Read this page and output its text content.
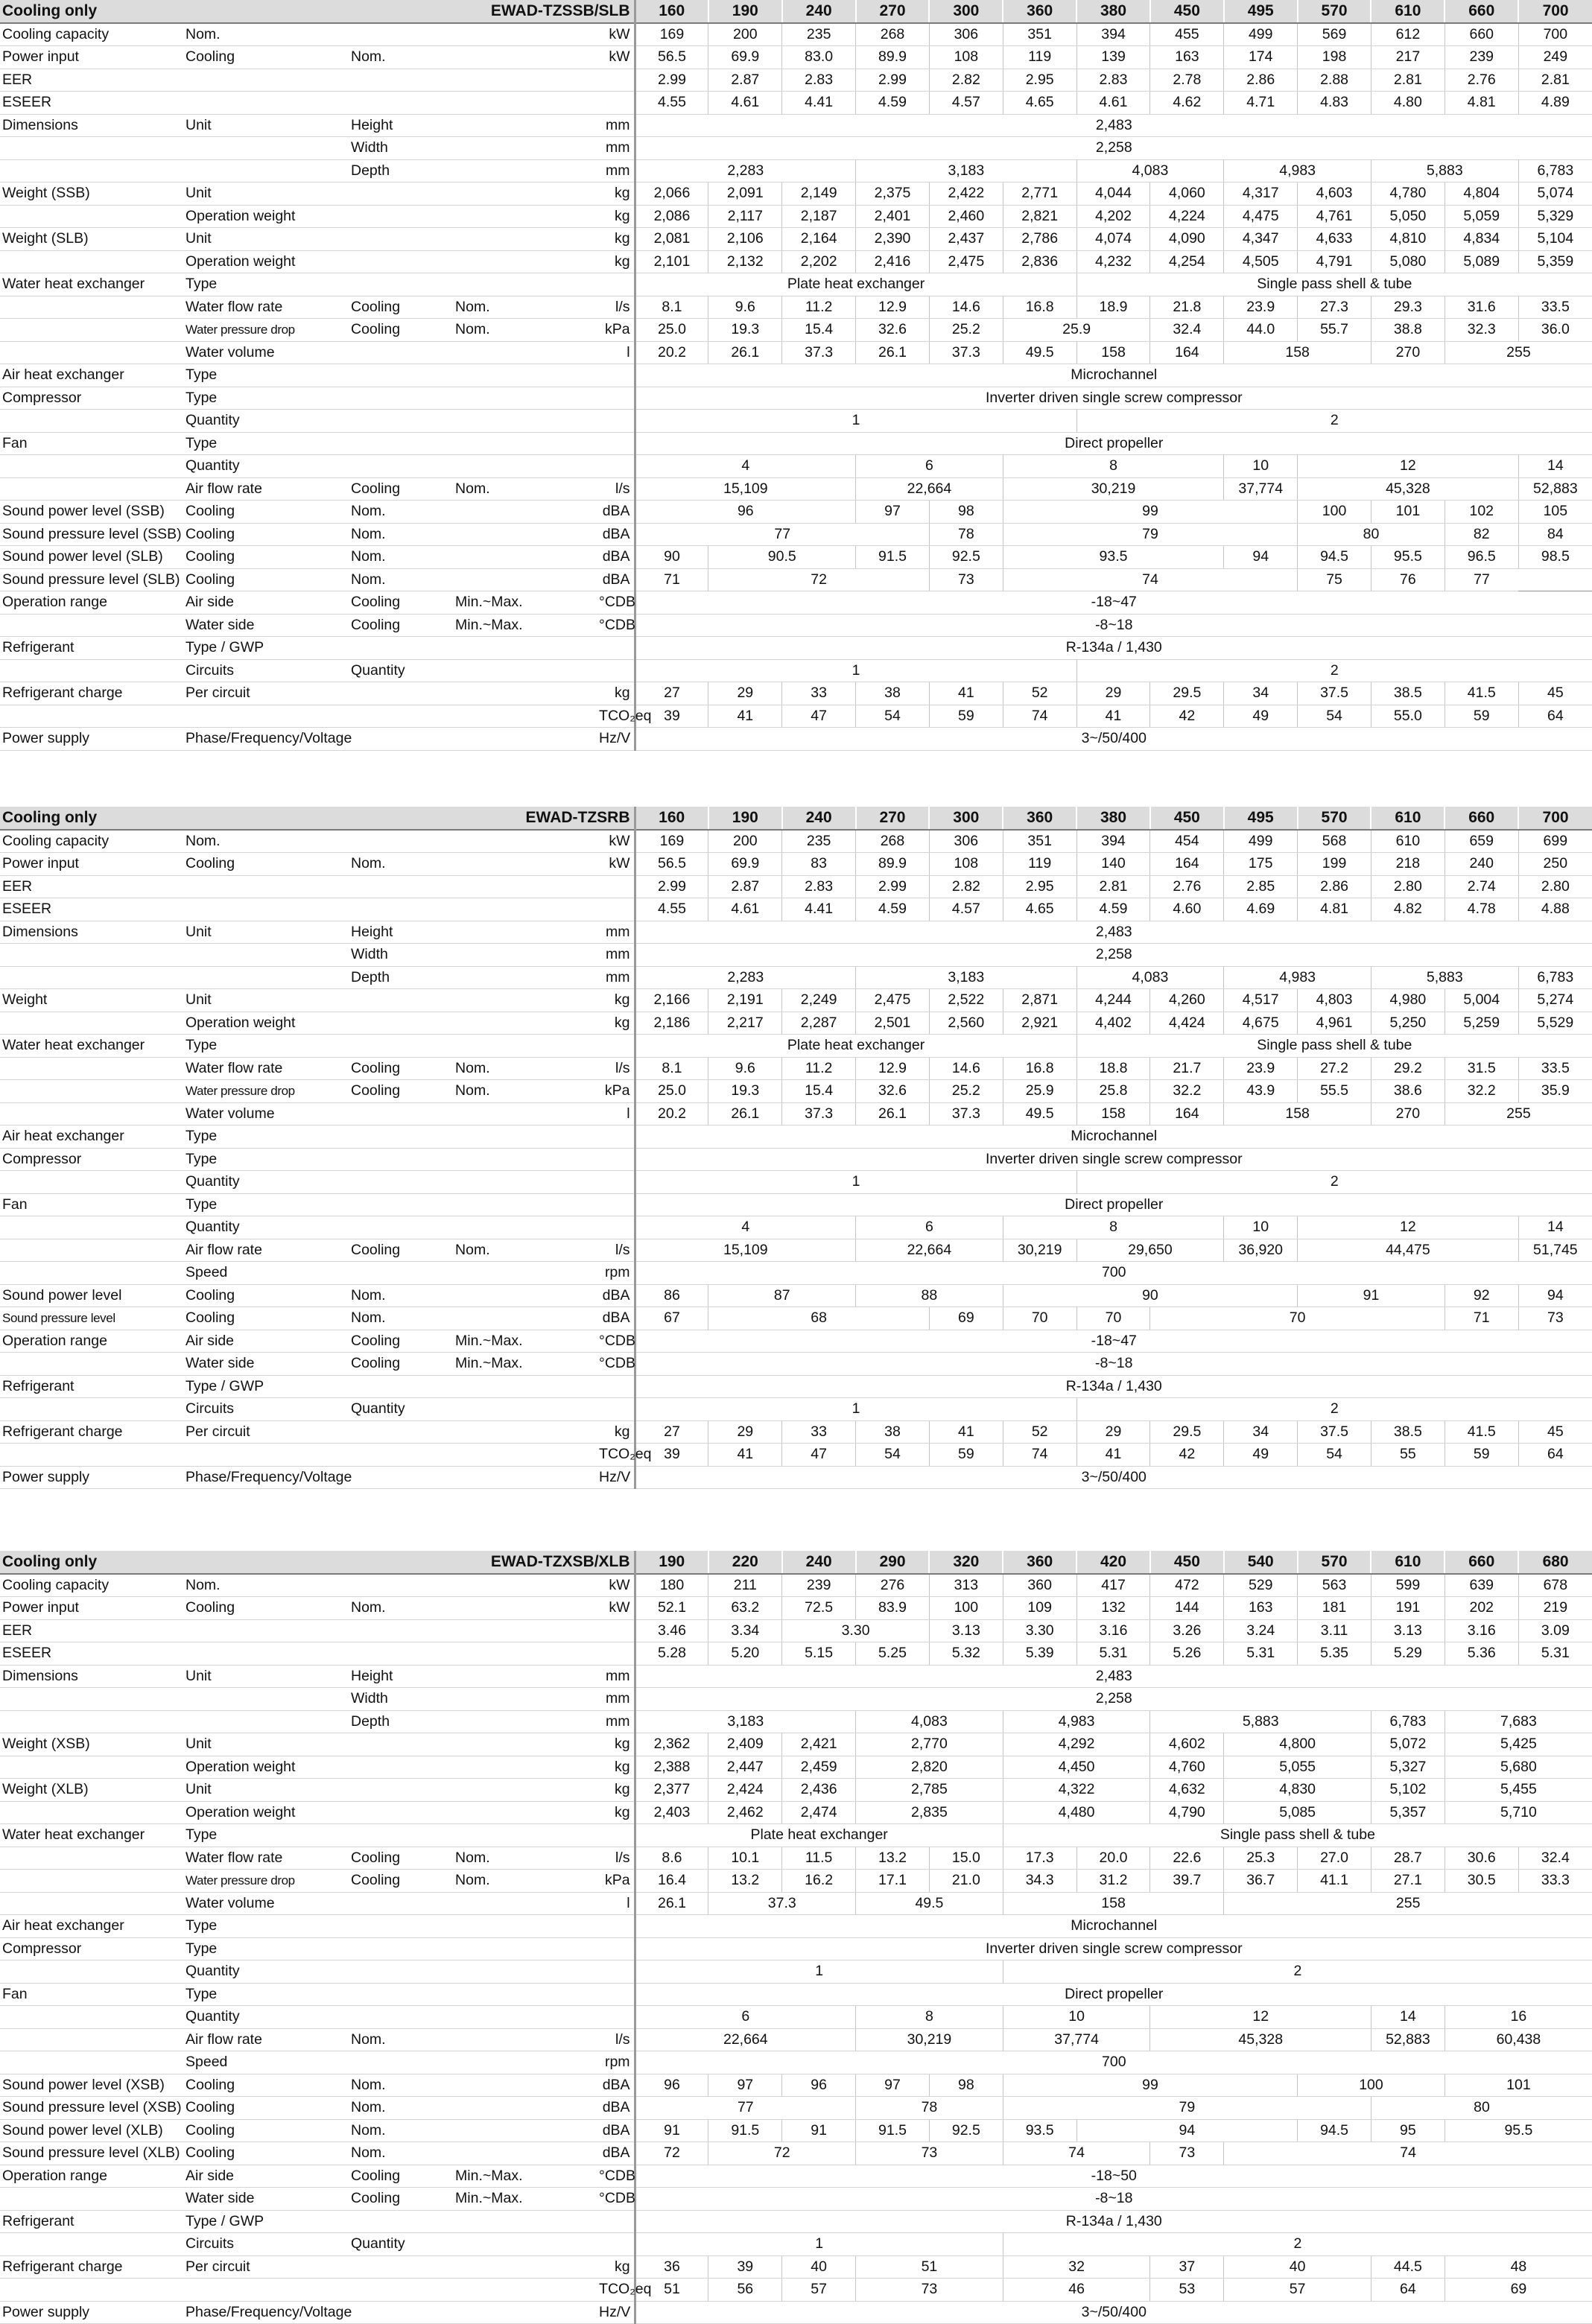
Cooling only			EWAD-TZSSB/SLB		160	190	240	270	300	360	380	450	495	570	610	660	700
Cooling capacity	Nom.			kW	169	200	235	268	306	351	394	455	499	569	612	660	700
Power input	Cooling	Nom.		kW	56.5	69.9	83.0	89.9	108	119	139	163	174	198	217	239	249
EER					2.99	2.87	2.83	2.99	2.82	2.95	2.83	2.78	2.86	2.88	2.81	2.76	2.81
ESEER					4.55	4.61	4.41	4.59	4.57	4.65	4.61	4.62	4.71	4.83	4.80	4.81	4.89
Dimensions	Unit	Height		mm	2,483												
		Width		mm	2,258												
		Depth		mm	2,283			3,183			4,083		4,983		5,883		6,783
Weight (SSB)	Unit			kg	2,066	2,091	2,149	2,375	2,422	2,771	4,044	4,060	4,317	4,603	4,780	4,804	5,074
	Operation weight			kg	2,086	2,117	2,187	2,401	2,460	2,821	4,202	4,224	4,475	4,761	5,050	5,059	5,329
Weight (SLB)	Unit			kg	2,081	2,106	2,164	2,390	2,437	2,786	4,074	4,090	4,347	4,633	4,810	4,834	5,104
	Operation weight			kg	2,101	2,132	2,202	2,416	2,475	2,836	4,232	4,254	4,505	4,791	5,080	5,089	5,359
Water heat exchanger	Type				Plate heat exchanger						Single pass shell & tube						
	Water flow rate	Cooling	Nom.	l/s	8.1	9.6	11.2	12.9	14.6	16.8	18.9	21.8	23.9	27.3	29.3	31.6	33.5
	Water pressure drop	Cooling	Nom.	kPa	25.0	19.3	15.4	32.6	25.2	25.9		32.4	44.0	55.7	38.8	32.3	36.0
	Water volume			l	20.2	26.1	37.3	26.1	37.3	49.5	158	164	158		270	255	
Air heat exchanger	Type				Microchannel												
Compressor	Type				Inverter driven single screw compressor												
	Quantity				1						2						
Fan	Type				Direct propeller												
	Quantity				4			6		8			10	12			14
	Air flow rate	Cooling	Nom.	l/s	15,109			22,664		30,219			37,774	45,328			52,883
Sound power level (SSB)	Cooling	Nom.		dBA	96			97	98	99				100	101	102	105
Sound pressure level (SSB)	Cooling	Nom.		dBA	77				78	79				80		82	84
Sound power level (SLB)	Cooling	Nom.		dBA	90	90.5		91.5	92.5	93.5			94	94.5	95.5	96.5	98.5
Sound pressure level (SLB)	Cooling	Nom.		dBA	71	72			73	74				75	76	77	
Operation range	Air side	Cooling	Min.~Max.	°CDB	-18~47												
	Water side	Cooling	Min.~Max.	°CDB	-8~18												
Refrigerant	Type / GWP				R-134a / 1,430												
	Circuits	Quantity			1						2						
Refrigerant charge	Per circuit			kg	27	29	33	38	41	52	29	29.5	34	37.5	38.5	41.5	45
				TCO₂eq	39	41	47	54	59	74	41	42	49	54	55.0	59	64
Power supply	Phase/Frequency/Voltage			Hz/V	3~/50/400												
Cooling only			EWAD-TZSRB		160	190	240	270	300	360	380	450	495	570	610	660	700
Cooling capacity	Nom.			kW	169	200	235	268	306	351	394	454	499	568	610	659	699
Power input	Cooling	Nom.		kW	56.5	69.9	83	89.9	108	119	140	164	175	199	218	240	250
EER					2.99	2.87	2.83	2.99	2.82	2.95	2.81	2.76	2.85	2.86	2.80	2.74	2.80
ESEER					4.55	4.61	4.41	4.59	4.57	4.65	4.59	4.60	4.69	4.81	4.82	4.78	4.88
Dimensions	Unit	Height		mm	2,483												
		Width		mm	2,258												
		Depth		mm	2,283			3,183			4,083		4,983		5,883		6,783
Weight	Unit			kg	2,166	2,191	2,249	2,475	2,522	2,871	4,244	4,260	4,517	4,803	4,980	5,004	5,274
	Operation weight			kg	2,186	2,217	2,287	2,501	2,560	2,921	4,402	4,424	4,675	4,961	5,250	5,259	5,529
Water heat exchanger	Type				Plate heat exchanger						Single pass shell & tube						
	Water flow rate	Cooling	Nom.	l/s	8.1	9.6	11.2	12.9	14.6	16.8	18.8	21.7	23.9	27.2	29.2	31.5	33.5
	Water pressure drop	Cooling	Nom.	kPa	25.0	19.3	15.4	32.6	25.2	25.9	25.8	32.2	43.9	55.5	38.6	32.2	35.9
	Water volume			l	20.2	26.1	37.3	26.1	37.3	49.5	158	164	158		270	255	
Air heat exchanger	Type				Microchannel												
Compressor	Type				Inverter driven single screw compressor												
	Quantity				1						2						
Fan	Type				Direct propeller												
	Quantity				4			6		8			10	12			14
	Air flow rate	Cooling	Nom.	l/s	15,109			22,664		30,219	29,650		36,920	44,475			51,745
	Speed			rpm	700												
Sound power level	Cooling	Nom.		dBA	86	87		88		90				91		92	94
Sound pressure level	Cooling	Nom.		dBA	67	68			69	70	70	70				71	73
Operation range	Air side	Cooling	Min.~Max.	°CDB	-18~47												
	Water side	Cooling	Min.~Max.	°CDB	-8~18												
Refrigerant	Type / GWP				R-134a / 1,430												
	Circuits	Quantity			1						2						
Refrigerant charge	Per circuit			kg	27	29	33	38	41	52	29	29.5	34	37.5	38.5	41.5	45
				TCO₂eq	39	41	47	54	59	74	41	42	49	54	55	59	64
Power supply	Phase/Frequency/Voltage			Hz/V	3~/50/400												
Cooling only			EWAD-TZXSB/XLB		190	220	240	290	320	360	420	450	540	570	610	660	680
Cooling capacity	Nom.			kW	180	211	239	276	313	360	417	472	529	563	599	639	678
Power input	Cooling	Nom.		kW	52.1	63.2	72.5	83.9	100	109	132	144	163	181	191	202	219
EER					3.46	3.34	3.30		3.13	3.30	3.16	3.26	3.24	3.11	3.13	3.16	3.09
ESEER					5.28	5.20	5.15	5.25	5.32	5.39	5.31	5.26	5.31	5.35	5.29	5.36	5.31
Dimensions	Unit	Height		mm	2,483												
		Width		mm	2,258												
		Depth		mm	3,183			4,083		4,983		5,883			6,783	7,683	
Weight (XSB)	Unit			kg	2,362	2,409	2,421	2,770		4,292		4,602	4,800		5,072	5,425	
	Operation weight			kg	2,388	2,447	2,459	2,820		4,450		4,760	5,055		5,327	5,680	
Weight (XLB)	Unit			kg	2,377	2,424	2,436	2,785		4,322		4,632	4,830		5,102	5,455	
	Operation weight			kg	2,403	2,462	2,474	2,835		4,480		4,790	5,085		5,357	5,710	
Water heat exchanger	Type				Plate heat exchanger					Single pass shell & tube							
	Water flow rate	Cooling	Nom.	l/s	8.6	10.1	11.5	13.2	15.0	17.3	20.0	22.6	25.3	27.0	28.7	30.6	32.4
	Water pressure drop	Cooling	Nom.	kPa	16.4	13.2	16.2	17.1	21.0	34.3	31.2	39.7	36.7	41.1	27.1	30.5	33.3
	Water volume			l	26.1	37.3		49.5		158			255				
Air heat exchanger	Type				Microchannel												
Compressor	Type				Inverter driven single screw compressor												
	Quantity				1					2							
Fan	Type				Direct propeller												
	Quantity				6			8		10		12			14	16	
	Air flow rate	Nom.		l/s	22,664			30,219		37,774		45,328			52,883	60,438	
	Speed			rpm	700												
Sound power level (XSB)	Cooling	Nom.		dBA	96	97	96	97	98	99				100		101	
Sound pressure level (XSB)	Cooling	Nom.		dBA	77			78		79					80		
Sound power level (XLB)	Cooling	Nom.		dBA	91	91.5	91	91.5	92.5	93.5	94			94.5	95	95.5	
Sound pressure level (XLB)	Cooling	Nom.		dBA	72	72		73		74		73	74				
Operation range	Air side	Cooling	Min.~Max.	°CDB	-18~50												
	Water side	Cooling	Min.~Max.	°CDB	-8~18												
Refrigerant	Type / GWP				R-134a / 1,430												
	Circuits	Quantity			1					2							
Refrigerant charge	Per circuit			kg	36	39	40	51		32		37	40		44.5	48	
				TCO₂eq	51	56	57	73		46		53	57		64	69	
Power supply	Phase/Frequency/Voltage			Hz/V	3~/50/400												
